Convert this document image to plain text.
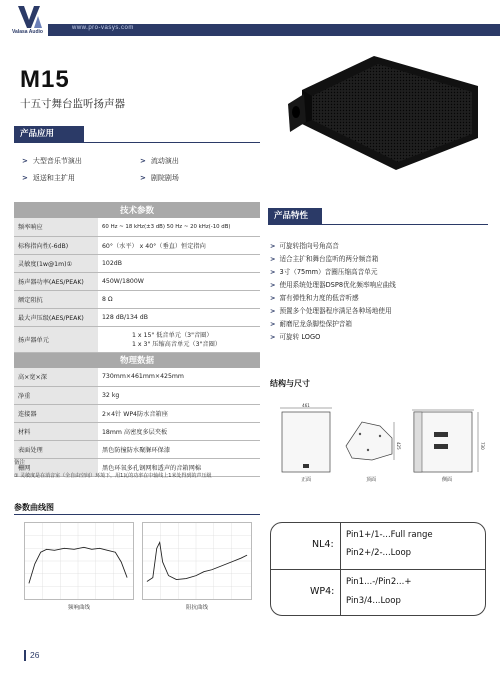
Valasa Audio
www.pro-vasys.com
M15
十五寸舞台监听扬声器
产品应用
> 大型音乐节演出	> 流动演出
> 返送和主扩用	> 剧院剧场
技术参数	
频率响应	60 Hz ~ 18 kHz(±3 dB) 50 Hz ~ 20 kHz(-10 dB)
标称指向性(-6dB)	60°（水平） x 40°（垂直）恒定指向
灵敏度(1w@1m)①	102dB
扬声器功率(AES/PEAK)	450W/1800W
额定阻抗	8 Ω
最大声压级(AES/PEAK)	128 dB/134 dB
扬声器单元	1 x 15" 低音单元（3"音圈）
1 x 3" 压缩高音单元（3"音圈）

物理数据	
高×宽×深	730mm×461mm×425mm
净重	32 kg
连接器	2×4针 WP4防水音箱座
材料	18mm 高密度多层夹板
表面处理	黑色防撞防水聚脲环保漆
栅网	黑色环氧多孔钢网和透声的音箱网棉
备注
① 灵敏度是在消音室（全自由空间）环境下，用1瓦的功率在中轴线上1米处得到的声压级
产品特性
> 可旋转指向号角高音
> 适合主扩和舞台监听的两分频音箱
> 3寸（75mm）音圈压缩高音单元
> 使用系统处理器DSP8优化频率响应曲线
> 富有弹性和力度的低音听感
> 预置多个处理器程序满足各种场地使用
> 耐磨尼龙条脚垫保护音箱
> 可旋转 LOGO
结构与尺寸
461
正面
425
顶面
730
侧面
参数曲线图
频响曲线	阻抗曲线
NL4:
Pin1+/1-...Full range
Pin2+/2-...Loop
WP4:
Pin1...-/Pin2...+
Pin3/4...Loop
26
